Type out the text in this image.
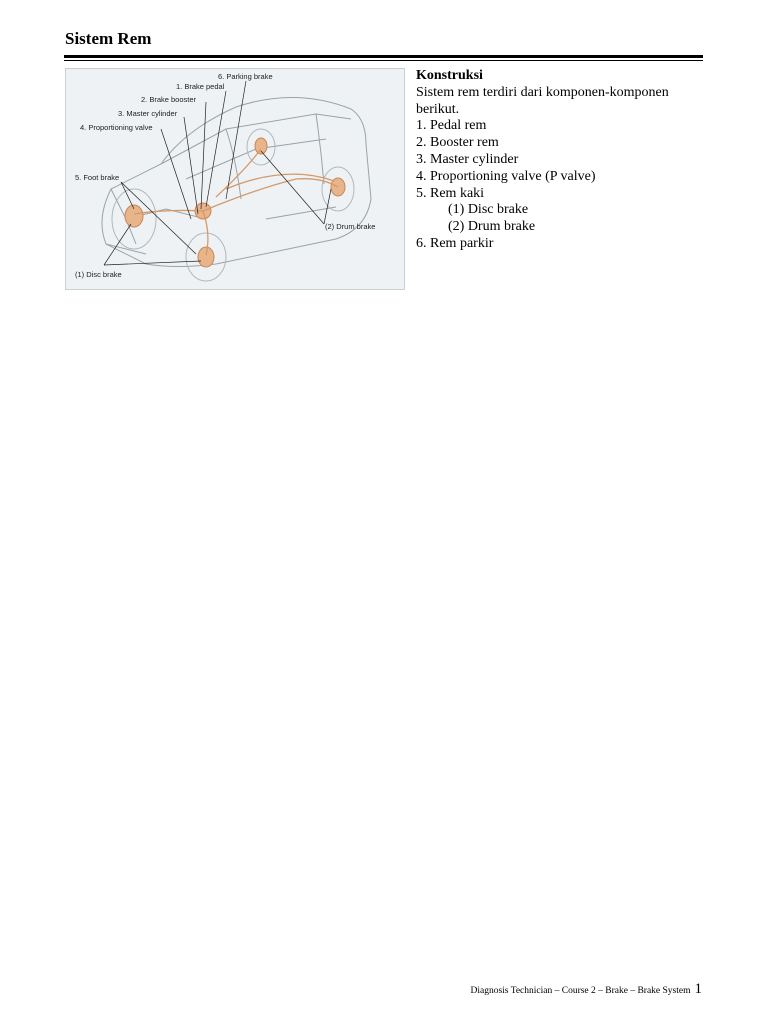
Sistem Rem
6. Parking brake
1. Brake pedal
2. Brake booster
3. Master cylinder
4. Proportioning valve
5. Foot brake
(2) Drum brake
(1) Disc brake
Konstruksi
Sistem rem terdiri dari komponen-komponen
berikut.
1. Pedal rem
2. Booster rem
3. Master cylinder
4. Proportioning valve (P valve)
5. Rem kaki
(1) Disc brake
(2) Drum brake
6. Rem parkir
Diagnosis Technician – Course 2 – Brake – Brake System 1
